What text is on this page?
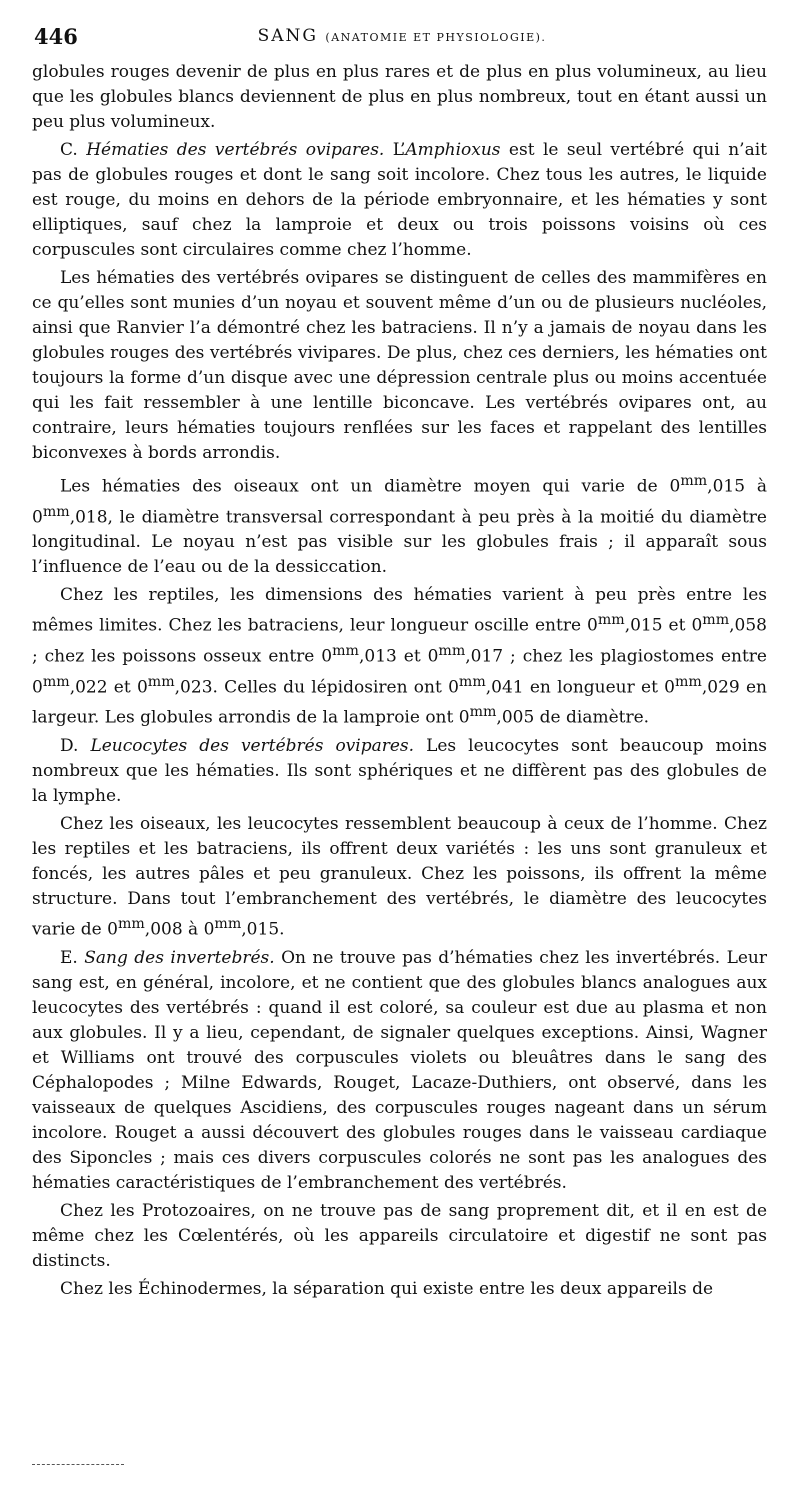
446	SANG (ANATOMIE ET PHYSIOLOGIE).

globules rouges devenir de plus en plus rares et de plus en plus volumineux, au lieu que les globules blancs deviennent de plus en plus nombreux, tout en étant aussi un peu plus volumineux.

C. Hématies des vertébrés ovipares. L’Amphioxus est le seul vertébré qui n’ait pas de globules rouges et dont le sang soit incolore. Chez tous les autres, le liquide est rouge, du moins en dehors de la période embryonnaire, et les hématies y sont elliptiques, sauf chez la lamproie et deux ou trois poissons voisins où ces corpuscules sont circulaires comme chez l’homme.

Les hématies des vertébrés ovipares se distinguent de celles des mammifères en ce qu’elles sont munies d’un noyau et souvent même d’un ou de plusieurs nucléoles, ainsi que Ranvier l’a démontré chez les batraciens. Il n’y a jamais de noyau dans les globules rouges des vertébrés vivipares. De plus, chez ces derniers, les hématies ont toujours la forme d’un disque avec une dépression centrale plus ou moins accentuée qui les fait ressembler à une lentille biconcave. Les vertébrés ovipares ont, au contraire, leurs hématies toujours renflées sur les faces et rappelant des lentilles biconvexes à bords arrondis.

Les hématies des oiseaux ont un diamètre moyen qui varie de $0^{mm},015$ à $0^{mm},018$, le diamètre transversal correspondant à peu près à la moitié du diamètre longitudinal. Le noyau n’est pas visible sur les globules frais ; il apparaît sous l’influence de l’eau ou de la dessiccation.

Chez les reptiles, les dimensions des hématies varient à peu près entre les mêmes limites. Chez les batraciens, leur longueur oscille entre $0^{mm},015$ et $0^{mm},058$ ; chez les poissons osseux entre $0^{mm},013$ et $0^{mm},017$ ; chez les plagiostomes entre $0^{mm},022$ et $0^{mm},023$. Celles du lépidosiren ont $0^{mm},041$ en longueur et $0^{mm},029$ en largeur. Les globules arrondis de la lamproie ont $0^{mm},005$ de diamètre.

D. Leucocytes des vertébrés ovipares. Les leucocytes sont beaucoup moins nombreux que les hématies. Ils sont sphériques et ne diffèrent pas des globules de la lymphe.

Chez les oiseaux, les leucocytes ressemblent beaucoup à ceux de l’homme. Chez les reptiles et les batraciens, ils offrent deux variétés : les uns sont granuleux et foncés, les autres pâles et peu granuleux. Chez les poissons, ils offrent la même structure. Dans tout l’embranchement des vertébrés, le diamètre des leucocytes varie de $0^{mm},008$ à $0^{mm},015$.

E. Sang des invertebrés. On ne trouve pas d’hématies chez les invertébrés. Leur sang est, en général, incolore, et ne contient que des globules blancs analogues aux leucocytes des vertébrés : quand il est coloré, sa couleur est due au plasma et non aux globules. Il y a lieu, cependant, de signaler quelques exceptions. Ainsi, Wagner et Williams ont trouvé des corpuscules violets ou bleuâtres dans le sang des Céphalopodes ; Milne Edwards, Rouget, Lacaze-Duthiers, ont observé, dans les vaisseaux de quelques Ascidiens, des corpuscules rouges nageant dans un sérum incolore. Rouget a aussi découvert des globules rouges dans le vaisseau cardiaque des Siponcles ; mais ces divers corpuscules colorés ne sont pas les analogues des hématies caractéristiques de l’embranchement des vertébrés.

Chez les Protozoaires, on ne trouve pas de sang proprement dit, et il en est de même chez les Cœlentérés, où les appareils circulatoire et digestif ne sont pas distincts.

Chez les Échinodermes, la séparation qui existe entre les deux appareils de
